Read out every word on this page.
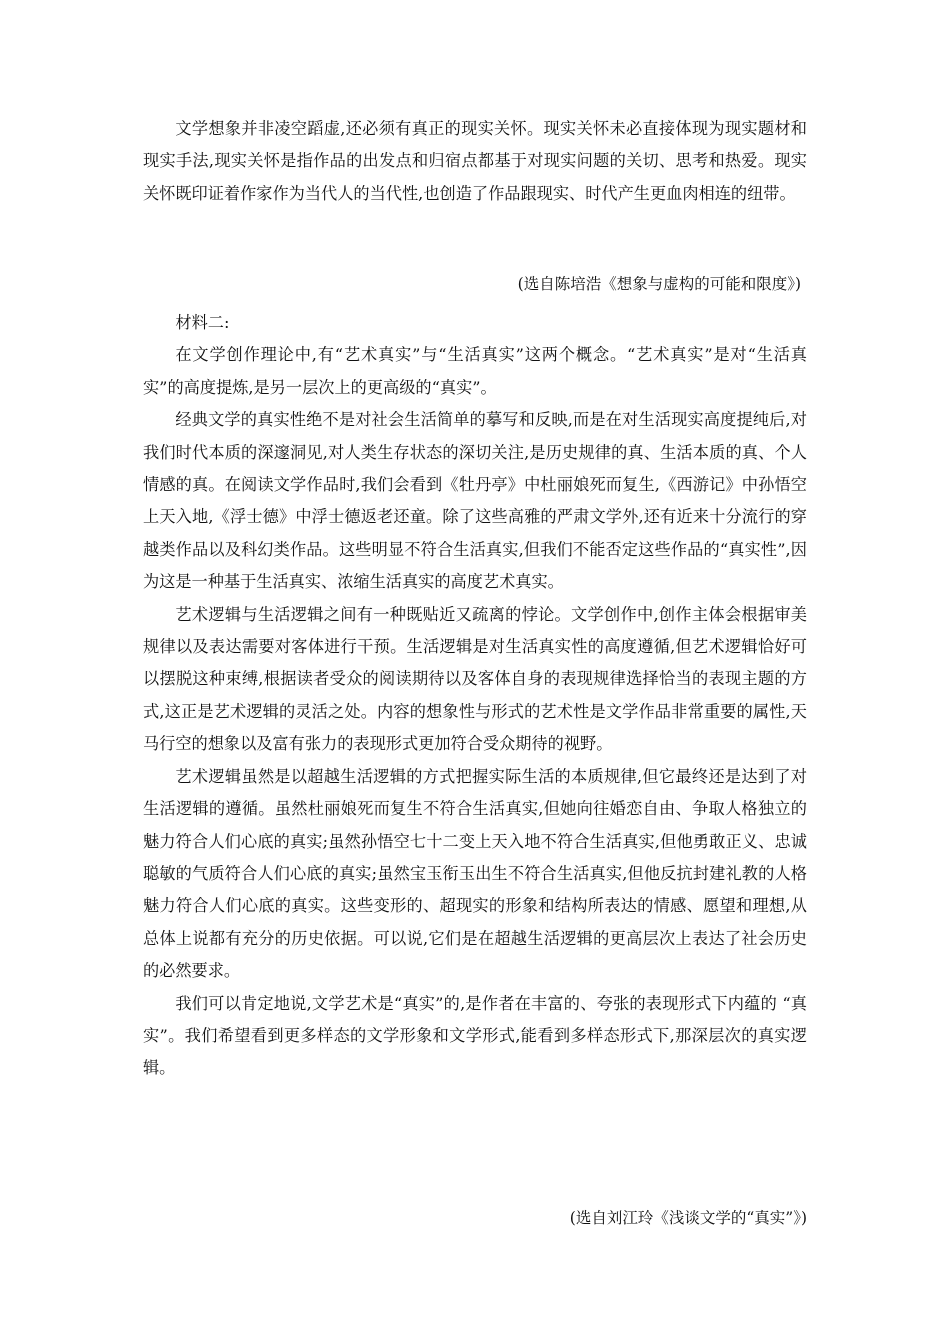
文学想象并非凌空蹈虚,还必须有真正的现实关怀。现实关怀未必直接体现为现实题材和现实手法,现实关怀是指作品的出发点和归宿点都基于对现实问题的关切、思考和热爱。现实关怀既印证着作家作为当代人的当代性,也创造了作品跟现实、时代产生更血肉相连的纽带。

(选自陈培浩《想象与虚构的可能和限度》)

材料二:

在文学创作理论中,有“艺术真实”与“生活真实”这两个概念。“艺术真实”是对“生活真实”的高度提炼,是另一层次上的更高级的“真实”。

经典文学的真实性绝不是对社会生活简单的摹写和反映,而是在对生活现实高度提纯后,对我们时代本质的深邃洞见,对人类生存状态的深切关注,是历史规律的真、生活本质的真、个人情感的真。在阅读文学作品时,我们会看到《牡丹亭》中杜丽娘死而复生,《西游记》中孙悟空上天入地,《浮士德》中浮士德返老还童。除了这些高雅的严肃文学外,还有近来十分流行的穿越类作品以及科幻类作品。这些明显不符合生活真实,但我们不能否定这些作品的“真实性”,因为这是一种基于生活真实、浓缩生活真实的高度艺术真实。

艺术逻辑与生活逻辑之间有一种既贴近又疏离的悖论。文学创作中,创作主体会根据审美规律以及表达需要对客体进行干预。生活逻辑是对生活真实性的高度遵循,但艺术逻辑恰好可以摆脱这种束缚,根据读者受众的阅读期待以及客体自身的表现规律选择恰当的表现主题的方式,这正是艺术逻辑的灵活之处。内容的想象性与形式的艺术性是文学作品非常重要的属性,天马行空的想象以及富有张力的表现形式更加符合受众期待的视野。

艺术逻辑虽然是以超越生活逻辑的方式把握实际生活的本质规律,但它最终还是达到了对生活逻辑的遵循。虽然杜丽娘死而复生不符合生活真实,但她向往婚恋自由、争取人格独立的魅力符合人们心底的真实;虽然孙悟空七十二变上天入地不符合生活真实,但他勇敢正义、忠诚聪敏的气质符合人们心底的真实;虽然宝玉衔玉出生不符合生活真实,但他反抗封建礼教的人格魅力符合人们心底的真实。这些变形的、超现实的形象和结构所表达的情感、愿望和理想,从总体上说都有充分的历史依据。可以说,它们是在超越生活逻辑的更高层次上表达了社会历史的必然要求。

我们可以肯定地说,文学艺术是“真实”的,是作者在丰富的、夸张的表现形式下内蕴的 “真实”。我们希望看到更多样态的文学形象和文学形式,能看到多样态形式下,那深层次的真实逻辑。

(选自刘江玲《浅谈文学的“真实”》)
